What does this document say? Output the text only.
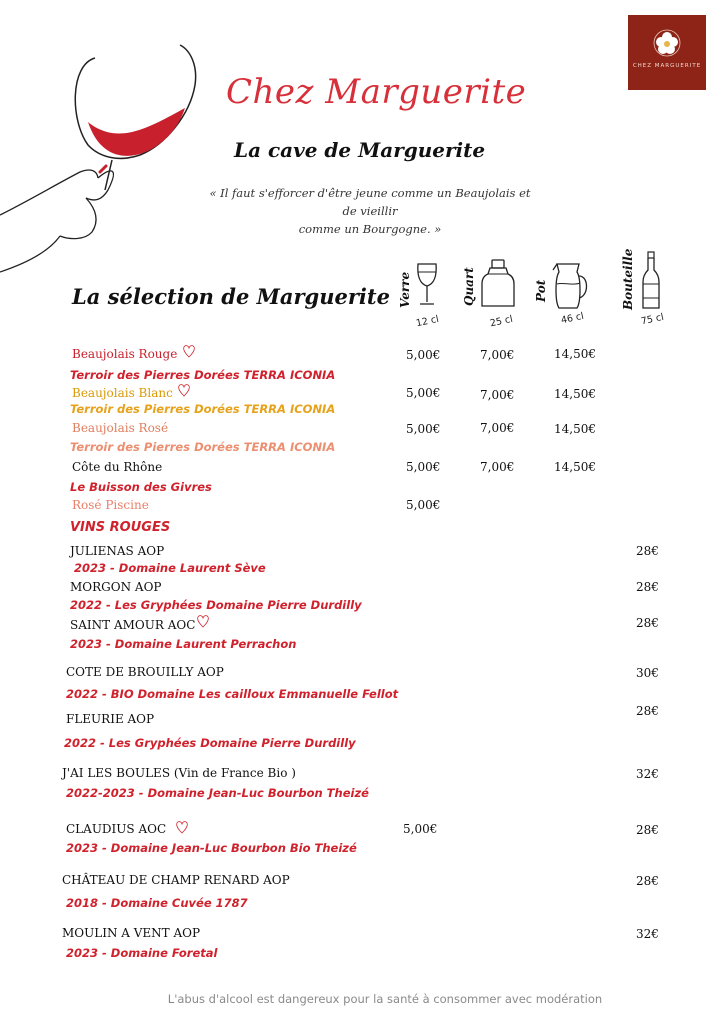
Chez Marguerite
La cave de Marguerite
« Il faut s'efforcer d'être jeune comme un Beaujolais et de vieillir
comme un Bourgogne. »
CHEZ MARGUERITE
La sélection de Marguerite Verre
12 cl
Quart
25 cl
Pot
46 cl
Bouteille
75 cl
Beaujolais Rouge
Terroir des Pierres Dorées TERRA ICONIA
5,00€	7,00€	14,50€
Beaujolais Blanc
Terroir des Pierres Dorées TERRA ICONIA
5,00€	7,00€	14,50€
Beaujolais Rosé
Terroir des Pierres Dorées TERRA ICONIA
5,00€	7,00€	14,50€
Côte du Rhône
Le Buisson des Givres
5,00€	7,00€	14,50€
Rosé Piscine	5,00€
VINS ROUGES
JULIENAS AOP
2023 - Domaine Laurent Sève
28€
MORGON AOP
2022 - Les Gryphées Domaine Pierre Durdilly
28€
SAINT AMOUR AOC
2023 - Domaine Laurent Perrachon
28€
COTE DE BROUILLY AOP
2022 - BIO Domaine Les cailloux Emmanuelle Fellot
30€
FLEURIE AOP
2022 - Les Gryphées Domaine Pierre Durdilly
28€
J'AI LES BOULES (Vin de France Bio )
2022-2023 - Domaine Jean-Luc Bourbon Theizé
32€
CLAUDIUS AOC
2023 - Domaine Jean-Luc Bourbon Bio Theizé
5,00€	28€
CHÂTEAU DE CHAMP RENARD AOP
2018 - Domaine Cuvée 1787
28€
MOULIN A VENT AOP
2023 - Domaine Foretal
32€
L'abus d'alcool est dangereux pour la santé à consommer avec modération
